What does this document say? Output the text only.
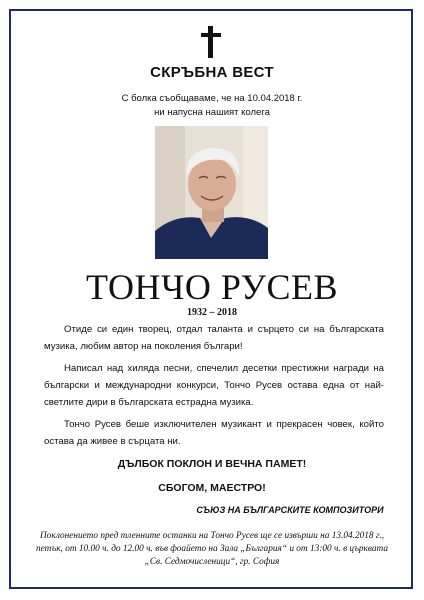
СКРЪБНА ВЕСТ
С болка съобщаваме, че на 10.04.2018 г.
ни напусна нашият колега
ТОНЧО РУСЕВ
1932 – 2018
Отиде си един творец, отдал таланта и сърцето си на българската музика, любим автор на поколения българи!
Написал над хиляда песни, спечелил десетки престижни награди на български и международни конкурси, Тончо Русев остава една от най-светлите дири в българската естрадна музика.
Тончо Русев беше изключителен музикант и прекрасен човек, който остава да живее в сърцата ни.
ДЪЛБОК ПОКЛОН И ВЕЧНА ПАМЕТ!
СБОГОМ, МАЕСТРО!
СЪЮЗ НА БЪЛГАРСКИТЕ КОМПОЗИТОРИ
Поклонението пред тленните останки на Тончо Русев ще се извърши на 13.04.2018 г., петък, от 10.00 ч. до 12.00 ч. във фоайето на Зала „България“ и от 13:00 ч. в църквата „Св. Седмочисленици“, гр. София
